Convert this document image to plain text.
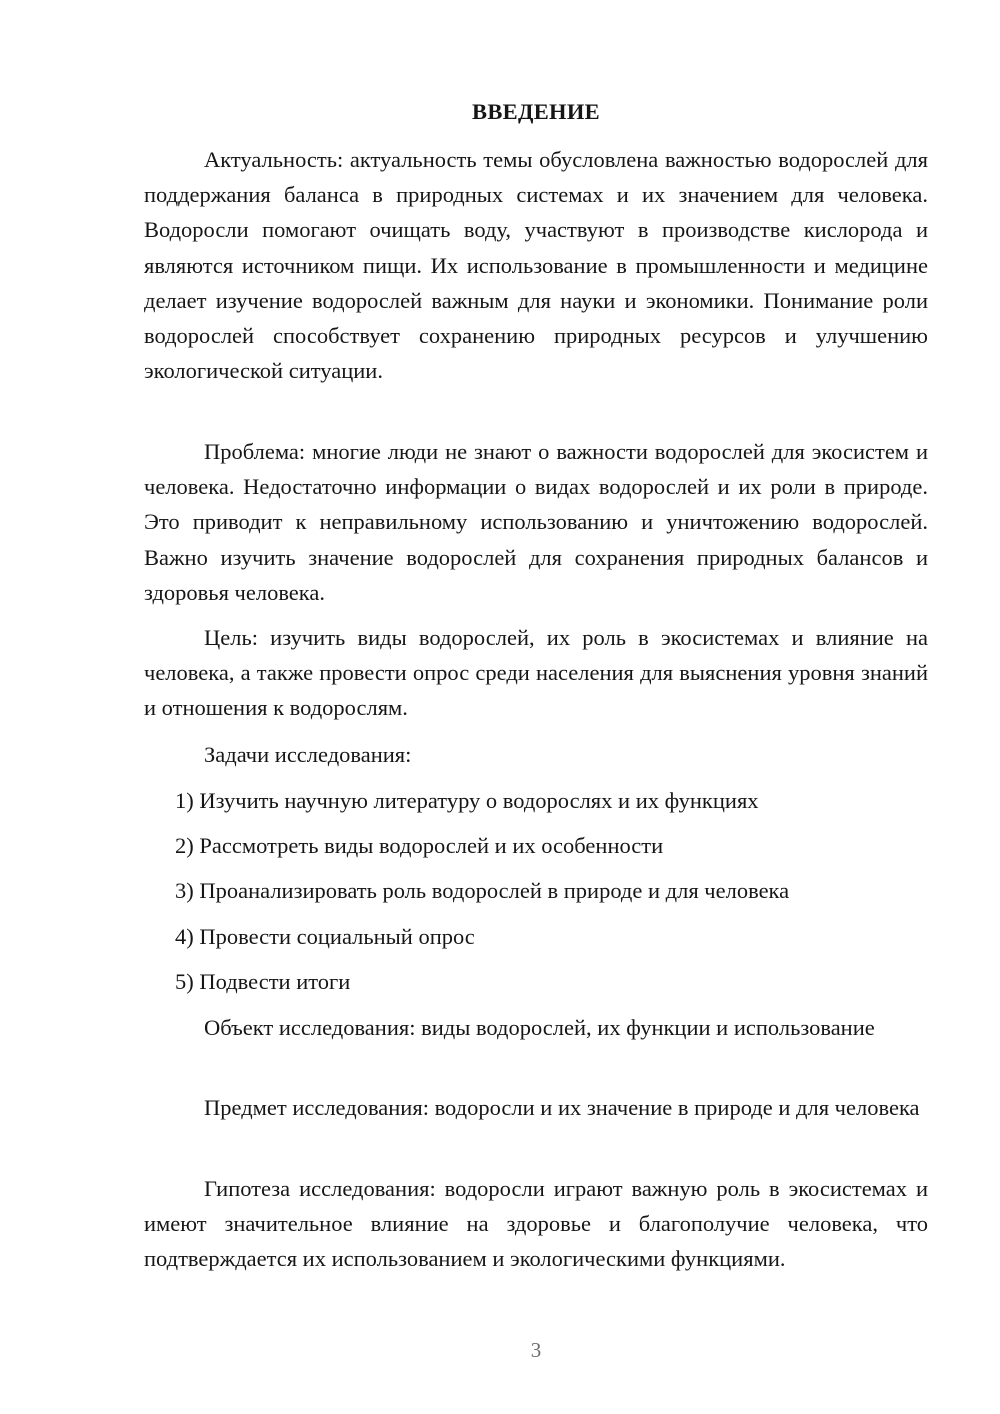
ВВЕДЕНИЕ
Актуальность: актуальность темы обусловлена важностью водорослей для поддержания баланса в природных системах и их значением для человека. Водоросли помогают очищать воду, участвуют в производстве кислорода и являются источником пищи. Их использование в промышленности и медицине делает изучение водорослей важным для науки и экономики. Понимание роли водорослей способствует сохранению природных ресурсов и улучшению экологической ситуации.
Проблема: многие люди не знают о важности водорослей для экосистем и человека. Недостаточно информации о видах водорослей и их роли в природе. Это приводит к неправильному использованию и уничтожению водорослей. Важно изучить значение водорослей для сохранения природных балансов и здоровья человека.
Цель: изучить виды водорослей, их роль в экосистемах и влияние на человека, а также провести опрос среди населения для выяснения уровня знаний и отношения к водорослям.
Задачи исследования:
1) Изучить научную литературу о водорослях и их функциях
2) Рассмотреть виды водорослей и их особенности
3) Проанализировать роль водорослей в природе и для человека
4) Провести социальный опрос
5) Подвести итоги
Объект исследования: виды водорослей, их функции и использование
Предмет исследования: водоросли и их значение в природе и для человека
Гипотеза исследования: водоросли играют важную роль в экосистемах и имеют значительное влияние на здоровье и благополучие человека, что подтверждается их использованием и экологическими функциями.
3
